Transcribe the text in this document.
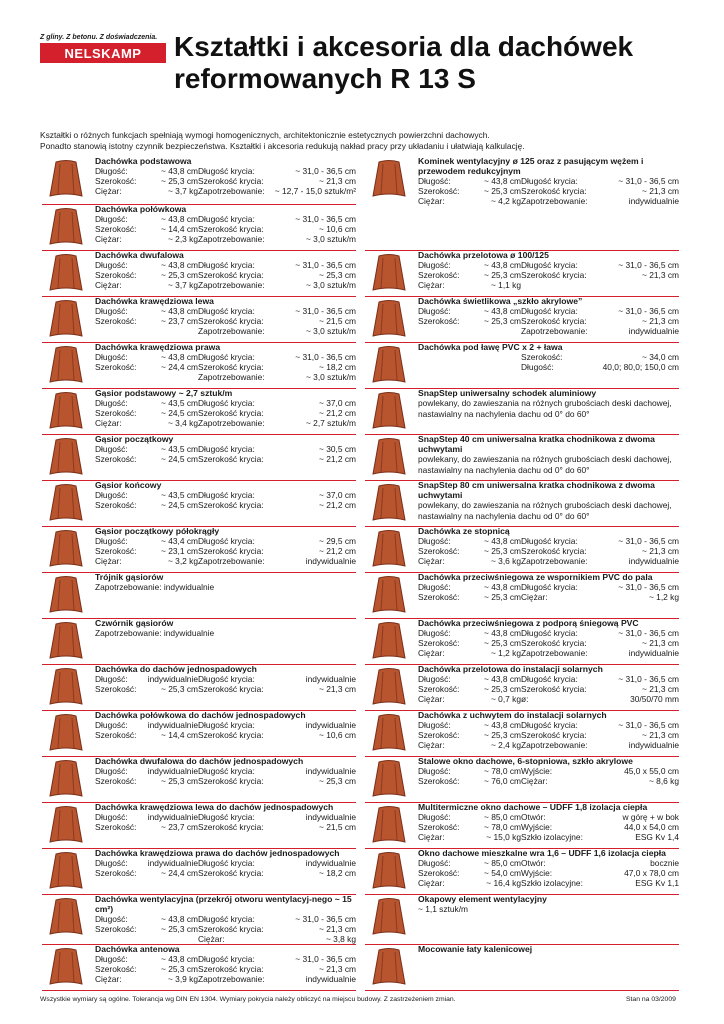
Z gliny. Z betonu. Z doświadczenia.
NELSKAMP	Kształtki i akcesoria dla dachówek
reformowanych R 13 S
Kształtki o różnych funkcjach spełniają wymogi homogenicznych, architektonicznie estetycznych powierzchni dachowych.
Ponadto stanowią istotny czynnik bezpieczeństwa. Kształtki i akcesoria redukują nakład pracy przy układaniu i ułatwiają kalkulację.
Dachówka podstawowa
Długość:	~ 43,8 cm Długość krycia:	~ 31,0 - 36,5 cm
Szerokość:	~ 25,3 cm Szerokość krycia:	~ 21,3 cm
Ciężar:	~ 3,7 kg Zapotrzebowanie:	~ 12,7 - 15,0 sztuk/m²
Dachówka połówkowa
Długość:	~ 43,8 cm Długość krycia:	~ 31,0 - 36,5 cm
Szerokość:	~ 14,4 cm Szerokość krycia:	~ 10,6 cm
Ciężar:	~ 2,3 kg Zapotrzebowanie:	~ 3,0 sztuk/m
Dachówka dwufalowa
Długość:	~ 43,8 cm Długość krycia:	~ 31,0 - 36,5 cm
Szerokość:	~ 25,3 cm Szerokość krycia:	~ 25,3 cm
Ciężar:	~ 3,7 kg Zapotrzebowanie:	~ 3,0 sztuk/m
Dachówka krawędziowa lewa
Długość:	~ 43,8 cm Długość krycia:	~ 31,0 - 36,5 cm
Szerokość:	~ 23,7 cm Szerokość krycia:	~ 21,5 cm
Zapotrzebowanie:	~ 3,0 sztuk/m
Dachówka krawędziowa prawa
Długość:	~ 43,8 cm Długość krycia:	~ 31,0 - 36,5 cm
Szerokość:	~ 24,4 cm Szerokość krycia:	~ 18,2 cm
Zapotrzebowanie:	~ 3,0 sztuk/m
Gąsior podstawowy ~ 2,7 sztuk/m
Długość:	~ 43,5 cm Długość krycia:	~ 37,0 cm
Szerokość:	~ 24,5 cm Szerokość krycia:	~ 21,2 cm
Ciężar:	~ 3,4 kg Zapotrzebowanie:	~ 2,7 sztuk/m
Gąsior początkowy
Długość:	~ 43,5 cm Długość krycia:	~ 30,5 cm
Szerokość:	~ 24,5 cm Szerokość krycia:	~ 21,2 cm
Gąsior końcowy
Długość:	~ 43,5 cm Długość krycia:	~ 37,0 cm
Szerokość:	~ 24,5 cm Szerokość krycia:	~ 21,2 cm
Gąsior początkowy półokrągły
Długość:	~ 43,4 cm Długość krycia:	~ 29,5 cm
Szerokość:	~ 23,1 cm Szerokość krycia:	~ 21,2 cm
Ciężar:	~ 3,2 kg Zapotrzebowanie:	indywidualnie
Trójnik gąsiorów
Zapotrzebowanie: indywidualnie
Czwórnik gąsiorów
Zapotrzebowanie: indywidualnie
Dachówka do dachów jednospadowych
Długość:	indywidualnie Długość krycia:	indywidualnie
Szerokość:	~ 25,3 cm Szerokość krycia:	~ 21,3 cm
Dachówka połówkowa do dachów jednospadowych
Długość:	indywidualnie Długość krycia:	indywidualnie
Szerokość:	~ 14,4 cm Szerokość krycia:	~ 10,6 cm
Dachówka dwufalowa do dachów jednospadowych
Długość:	indywidualnie Długość krycia:	indywidualnie
Szerokość:	~ 25,3 cm Szerokość krycia:	~ 25,3 cm
Dachówka krawędziowa lewa do dachów jednospadowych
Długość:	indywidualnie Długość krycia:	indywidualnie
Szerokość:	~ 23,7 cm Szerokość krycia:	~ 21,5 cm
Dachówka krawędziowa prawa do dachów jednospadowych
Długość:	indywidualnie Długość krycia:	indywidualnie
Szerokość:	~ 24,4 cm Szerokość krycia:	~ 18,2 cm
Dachówka wentylacyjna (przekrój otworu wentylacyj-nego ~ 15 cm²)
Długość:	~ 43,8 cm Długość krycia:	~ 31,0 - 36,5 cm
Szerokość:	~ 25,3 cm Szerokość krycia:	~ 21,3 cm
Ciężar:	~ 3,8 kg
Dachówka antenowa
Długość:	~ 43,8 cm Długość krycia:	~ 31,0 - 36,5 cm
Szerokość:	~ 25,3 cm Szerokość krycia:	~ 21,3 cm
Ciężar:	~ 3,9 kg Zapotrzebowanie:	indywidualnie
Kominek wentylacyjny ø 125 oraz z pasującym wężem i przewodem redukcyjnym
Długość:	~ 43,8 cm Długość krycia:	~ 31,0 - 36,5 cm
Szerokość:	~ 25,3 cm Szerokość krycia:	~ 21,3 cm
Ciężar:	~ 4,2 kg Zapotrzebowanie:	indywidualnie
Dachówka przelotowa ø 100/125
Długość:	~ 43,8 cm Długość krycia:	~ 31,0 - 36,5 cm
Szerokość:	~ 25,3 cm Szerokość krycia:	~ 21,3 cm
Ciężar:	~ 1,1 kg
Dachówka świetlikowa „szkło akrylowe”
Długość:	~ 43,8 cm Długość krycia:	~ 31,0 - 36,5 cm
Szerokość:	~ 25,3 cm Szerokość krycia:	~ 21,3 cm
Zapotrzebowanie:	indywidualnie
Dachówka pod ławę PVC x 2 + ława
Szerokość:	~ 34,0 cm
Długość:	40,0; 80,0; 150,0 cm
SnapStep uniwersalny schodek aluminiowy
powlekany, do zawieszania na różnych grubościach deski dachowej, nastawialny na nachylenia dachu od 0° do 60°
SnapStep 40 cm uniwersalna kratka chodnikowa z dwoma uchwytami
powlekany, do zawieszania na różnych grubościach deski dachowej, nastawialny na nachylenia dachu od 0° do 60°
SnapStep 80 cm uniwersalna kratka chodnikowa z dwoma uchwytami
powlekany, do zawieszania na różnych grubościach deski dachowej, nastawialny na nachylenia dachu od 0° do 60°
Dachówka ze stopnicą
Długość:	~ 43,8 cm Długość krycia:	~ 31,0 - 36,5 cm
Szerokość:	~ 25,3 cm Szerokość krycia:	~ 21,3 cm
Ciężar:	~ 3,6 kg Zapotrzebowanie:	indywidualnie
Dachówka przeciwśniegowa ze wspornikiem PVC do pala
Długość:	~ 43,8 cm Długość krycia:	~ 31,0 - 36,5 cm
Szerokość:	~ 25,3 cm Ciężar:	~ 1,2 kg
Dachówka przeciwśniegowa z podporą śniegową PVC
Długość:	~ 43,8 cm Długość krycia:	~ 31,0 - 36,5 cm
Szerokość:	~ 25,3 cm Szerokość krycia:	~ 21,3 cm
Ciężar:	~ 1,2 kg Zapotrzebowanie:	indywidualnie
Dachówka przelotowa do instalacji solarnych
Długość:	~ 43,8 cm Długość krycia:	~ 31,0 - 36,5 cm
Szerokość:	~ 25,3 cm Szerokość krycia:	~ 21,3 cm
Ciężar:	~ 0,7 kg ø:	30/50/70 mm
Dachówka z uchwytem do instalacji solarnych
Długość:	~ 43,8 cm Długość krycia:	~ 31,0 - 36,5 cm
Szerokość:	~ 25,3 cm Szerokość krycia:	~ 21,3 cm
Ciężar:	~ 2,4 kg Zapotrzebowanie:	indywidualnie
Stalowe okno dachowe, 6-stopniowa, szkło akrylowe
Długość:	~ 78,0 cm Wyjście:	45,0 x 55,0 cm
Szerokość:	~ 76,0 cm Ciężar:	~ 8,6 kg
Multitermiczne okno dachowe – UDFF 1,8 izolacja ciepła
Długość:	~ 85,0 cm Otwór:	w górę + w bok
Szerokość:	~ 78,0 cm Wyjście:	44,0 x 54,0 cm
Ciężar:	~ 15,0 kg Szkło izolacyjne:	ESG Kv 1,4
Okno dachowe mieszkalne wra 1,6 – UDFF 1,6 izolacja ciepła
Długość:	~ 85,0 cm Otwór:	bocznie
Szerokość:	~ 54,0 cm Wyjście:	47,0 x 78,0 cm
Ciężar:	~ 16,4 kg Szkło izolacyjne:	ESG Kv 1,1
Okapowy element wentylacyjny
~ 1,1 sztuk/m
Mocowanie łaty kalenicowej
Wszystkie wymiary są ogólne. Tolerancja wg DIN EN 1304. Wymiary pokrycia należy obliczyć na miejscu budowy. Z zastrzeżeniem zmian.	Stan na 03/2009
